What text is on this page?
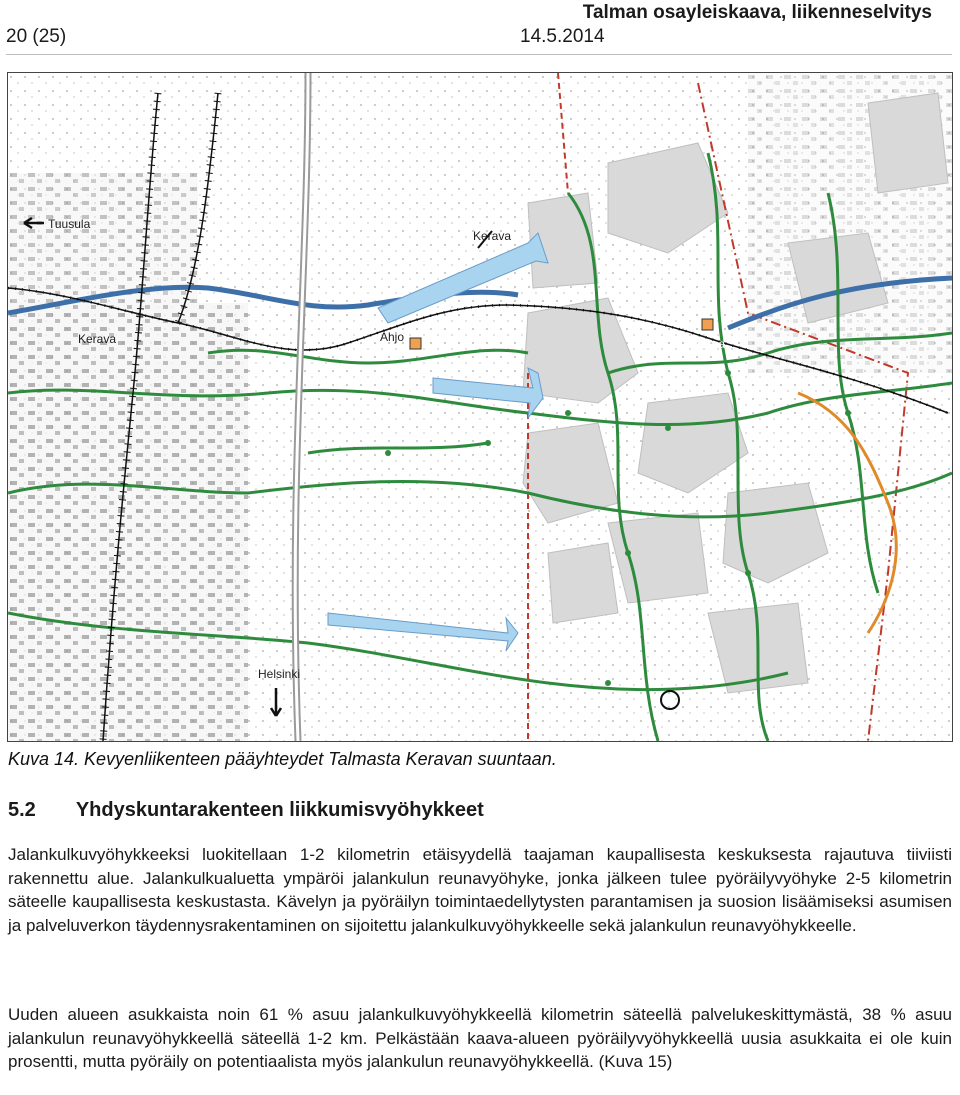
Talman osayleiskaava, liikenneselvitys
20 (25)	14.5.2014
Tuusula
Kerava
Kerava	Ahjo	Talma
Helsinki
Kuva 14. Kevyenliikenteen pääyhteydet Talmasta Keravan suuntaan.
5.2 Yhdyskuntarakenteen liikkumisvyöhykkeet

Jalankulkuvyöhykkeeksi luokitellaan 1-2 kilometrin etäisyydellä taajaman kaupallisesta keskuksesta rajautuva tiiviisti rakennettu alue. Jalankulkualuetta ympäröi jalankulun reunavyöhyke, jonka jälkeen tulee pyöräilyvyöhyke 2-5 kilometrin säteelle kaupallisesta keskustasta. Kävelyn ja pyöräilyn toimintaedellytysten parantamisen ja suosion lisäämiseksi asumisen ja palveluverkon täydennysrakentaminen on sijoitettu jalankulkuvyöhykkeelle sekä jalankulun reunavyöhykkeelle.

Uuden alueen asukkaista noin 61 % asuu jalankulkuvyöhykkeellä kilometrin säteellä palvelukeskittymästä, 38 % asuu jalankulun reunavyöhykkeellä säteellä 1-2 km. Pelkästään kaava-alueen pyöräilyvyöhykkeellä uusia asukkaita ei ole kuin prosentti, mutta pyöräily on potentiaalista myös jalankulun reunavyöhykkeellä. (Kuva 15)
